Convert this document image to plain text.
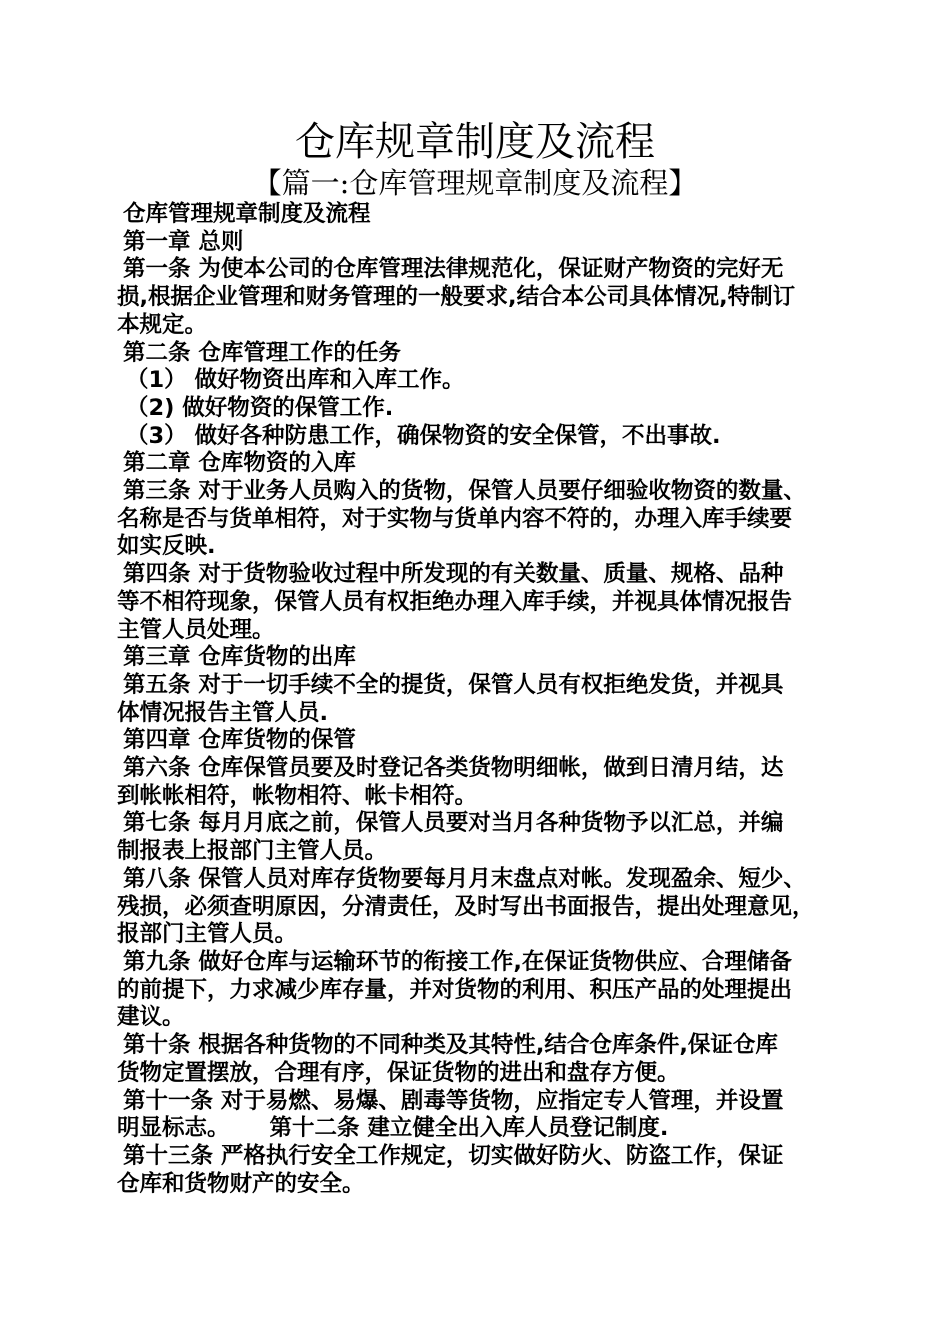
仓库规章制度及流程
【篇一:仓库管理规章制度及流程】
仓库管理规章制度及流程
第一章 总则
第一条 为使本公司的仓库管理法律规范化，保证财产物资的完好无
损,根据企业管理和财务管理的一般要求,结合本公司具体情况,特制订
本规定。
第二条 仓库管理工作的任务
（1） 做好物资出库和入库工作。
（2) 做好物资的保管工作.
（3） 做好各种防患工作，确保物资的安全保管，不出事故.
第二章 仓库物资的入库
第三条 对于业务人员购入的货物，保管人员要仔细验收物资的数量、
名称是否与货单相符，对于实物与货单内容不符的，办理入库手续要
如实反映.
第四条 对于货物验收过程中所发现的有关数量、质量、规格、品种
等不相符现象，保管人员有权拒绝办理入库手续，并视具体情况报告
主管人员处理。
第三章 仓库货物的出库
第五条 对于一切手续不全的提货，保管人员有权拒绝发货，并视具
体情况报告主管人员.
第四章 仓库货物的保管
第六条 仓库保管员要及时登记各类货物明细帐，做到日清月结，达
到帐帐相符，帐物相符、帐卡相符。
第七条 每月月底之前，保管人员要对当月各种货物予以汇总，并编
制报表上报部门主管人员。
第八条 保管人员对库存货物要每月月末盘点对帐。发现盈余、短少、
残损，必须查明原因，分清责任，及时写出书面报告，提出处理意见，
报部门主管人员。
第九条 做好仓库与运输环节的衔接工作,在保证货物供应、合理储备
的前提下，力求减少库存量，并对货物的利用、积压产品的处理提出
建议。
第十条 根据各种货物的不同种类及其特性,结合仓库条件,保证仓库
货物定置摆放，合理有序，保证货物的进出和盘存方便。
第十一条 对于易燃、易爆、剧毒等货物，应指定专人管理，并设置
明显标志。 第十二条 建立健全出入库人员登记制度.
第十三条 严格执行安全工作规定，切实做好防火、防盗工作，保证
仓库和货物财产的安全。
